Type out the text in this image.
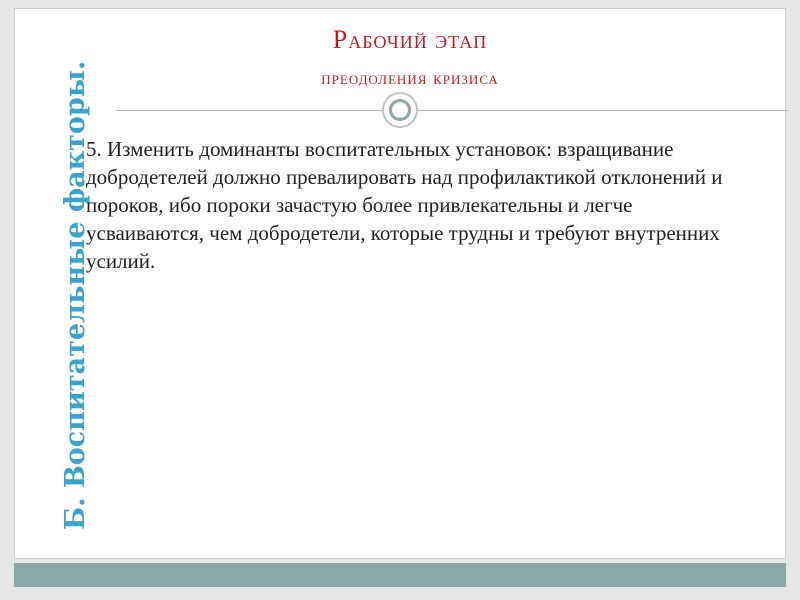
Б. Воспитательные факторы.
Рабочий этап
преодоления кризиса

5. Изменить доминанты воспитательных установок: взращивание добродетелей должно превалировать над профилактикой отклонений и пороков, ибо пороки зачастую более привлекательны и легче усваиваются, чем добродетели, которые трудны и требуют внутренних усилий.
